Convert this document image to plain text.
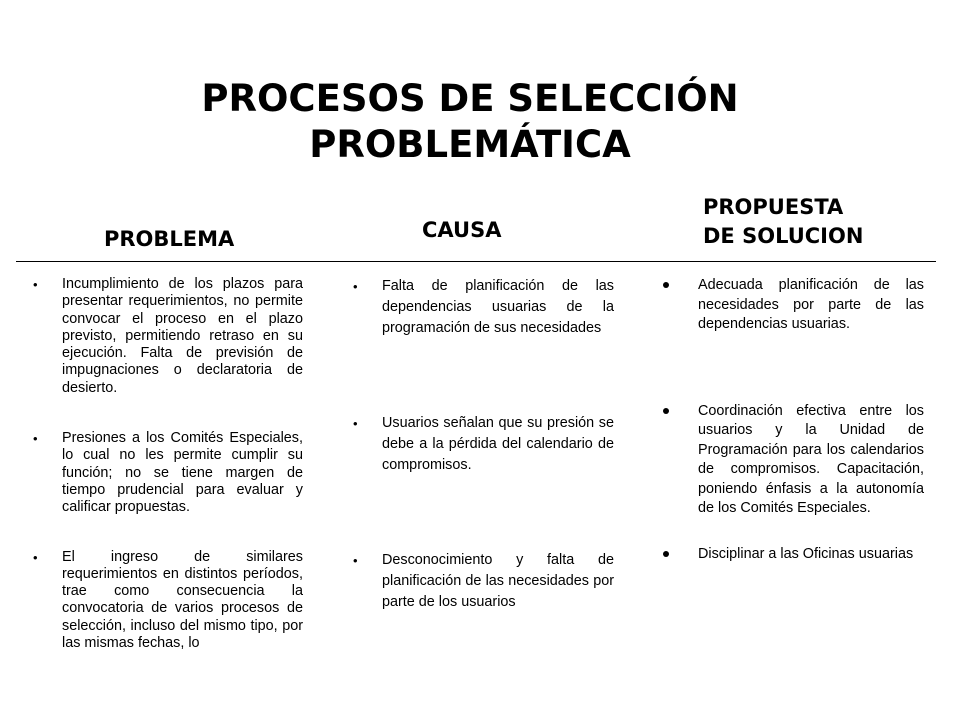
PROCESOS DE SELECCIÓN
PROBLEMÁTICA
PROBLEMA	CAUSA
PROPUESTA
DE SOLUCION
• Incumplimiento de los plazos para presentar requerimientos, no permite convocar el proceso en el plazo previsto, permitiendo retraso en su ejecución. Falta de previsión de impugnaciones o declaratoria de desierto.
• Presiones a los Comités Especiales, lo cual no les permite cumplir su función; no se tiene margen de tiempo prudencial para evaluar y calificar propuestas.
• El ingreso de similares requerimientos en distintos períodos, trae como consecuencia la convocatoria de varios procesos de selección, incluso del mismo tipo, por las mismas fechas, lo
• Falta de planificación de las dependencias usuarias de la programación de sus necesidades
• Usuarios señalan que su presión se debe a la pérdida del calendario de compromisos.
• Desconocimiento y falta de planificación de las necesidades por parte de los usuarios
Adecuada planificación de las necesidades por parte de las dependencias usuarias.
Coordinación efectiva entre los usuarios y la Unidad de Programación para los calendarios de compromisos. Capacitación, poniendo énfasis a la autonomía de los Comités Especiales.
Disciplinar a las Oficinas usuarias
